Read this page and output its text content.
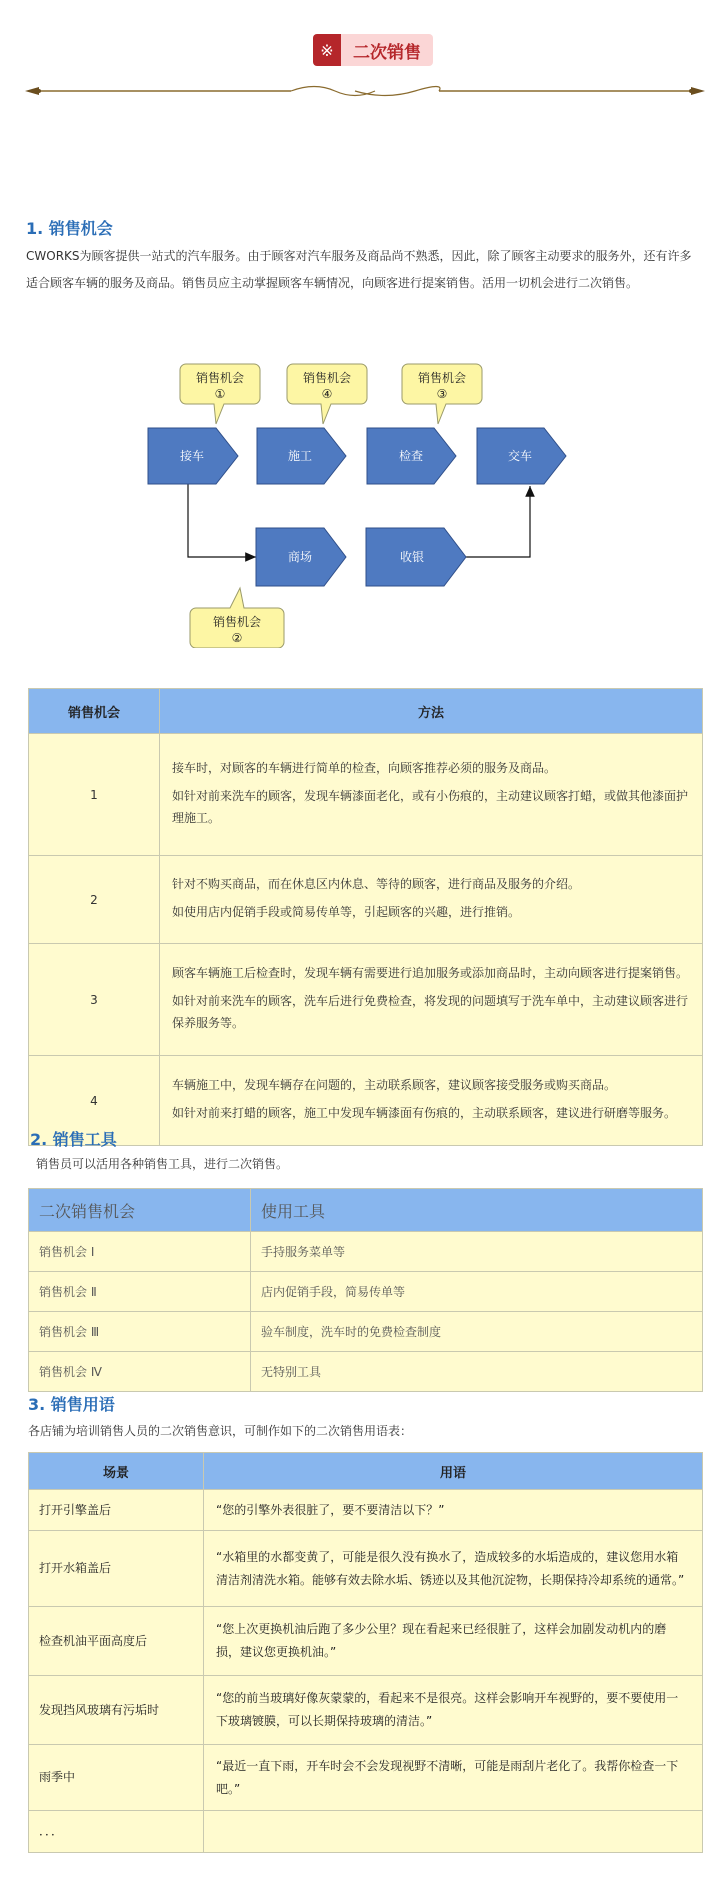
※	二次销售
1. 销售机会
CWORKS为顾客提供一站式的汽车服务。由于顾客对汽车服务及商品尚不熟悉，因此，除了顾客主动要求的服务外，还有许多适合顾客车辆的服务及商品。销售员应主动掌握顾客车辆情况，向顾客进行提案销售。活用一切机会进行二次销售。
接车	施工	检查	交车
商场	收银
销售机会
①
销售机会
④
销售机会
③
销售机会
②
销售机会	方法
1	接车时，对顾客的车辆进行简单的检查，向顾客推荐必须的服务及商品。

如针对前来洗车的顾客，发现车辆漆面老化，或有小伤痕的，主动建议顾客打蜡，或做其他漆面护理施工。

2	针对不购买商品，而在休息区内休息、等待的顾客，进行商品及服务的介绍。

如使用店内促销手段或简易传单等，引起顾客的兴趣，进行推销。

3	顾客车辆施工后检查时，发现车辆有需要进行追加服务或添加商品时，主动向顾客进行提案销售。

如针对前来洗车的顾客，洗车后进行免费检查，将发现的问题填写于洗车单中，主动建议顾客进行保养服务等。

4	车辆施工中，发现车辆存在问题的，主动联系顾客，建议顾客接受服务或购买商品。

如针对前来打蜡的顾客，施工中发现车辆漆面有伤痕的，主动联系顾客，建议进行研磨等服务。

2. 销售工具
销售员可以活用各种销售工具，进行二次销售。
二次销售机会	使用工具
销售机会 Ⅰ	手持服务菜单等
销售机会 Ⅱ	店内促销手段，简易传单等
销售机会 Ⅲ	验车制度，洗车时的免费检查制度
销售机会 Ⅳ	无特别工具
3. 销售用语
各店铺为培训销售人员的二次销售意识，可制作如下的二次销售用语表：
场景	用语
打开引擎盖后	“您的引擎外表很脏了，要不要清洁以下？”
打开水箱盖后	“水箱里的水都变黄了，可能是很久没有换水了，造成较多的水垢造成的，建议您用水箱清洁剂清洗水箱。能够有效去除水垢、锈迹以及其他沉淀物，长期保持冷却系统的通常。”
检查机油平面高度后	“您上次更换机油后跑了多少公里？现在看起来已经很脏了，这样会加剧发动机内的磨损，建议您更换机油。”
发现挡风玻璃有污垢时	“您的前当玻璃好像灰蒙蒙的，看起来不是很亮。这样会影响开车视野的，要不要使用一下玻璃镀膜，可以长期保持玻璃的清洁。”
雨季中	“最近一直下雨，开车时会不会发现视野不清晰，可能是雨刮片老化了。我帮你检查一下吧。”
．．．	
